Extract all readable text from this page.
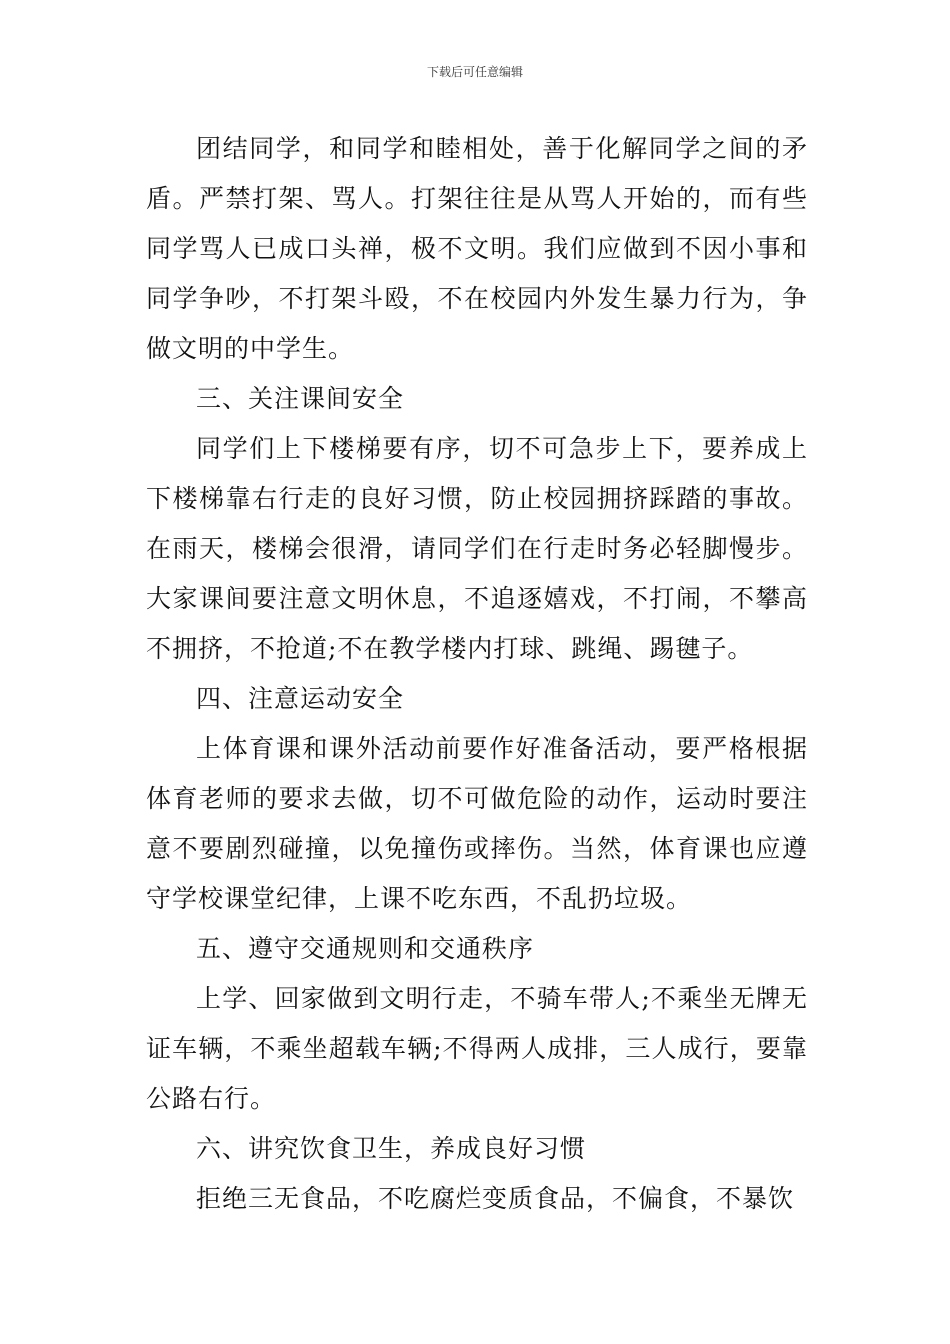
下载后可任意编辑

团结同学，和同学和睦相处，善于化解同学之间的矛盾。严禁打架、骂人。打架往往是从骂人开始的，而有些同学骂人已成口头禅，极不文明。我们应做到不因小事和同学争吵，不打架斗殴，不在校园内外发生暴力行为，争做文明的中学生。

三、关注课间安全

同学们上下楼梯要有序，切不可急步上下，要养成上下楼梯靠右行走的良好习惯，防止校园拥挤踩踏的事故。在雨天，楼梯会很滑，请同学们在行走时务必轻脚慢步。大家课间要注意文明休息，不追逐嬉戏，不打闹，不攀高不拥挤，不抢道;不在教学楼内打球、跳绳、踢毽子。

四、注意运动安全

上体育课和课外活动前要作好准备活动，要严格根据体育老师的要求去做，切不可做危险的动作，运动时要注意不要剧烈碰撞，以免撞伤或摔伤。当然，体育课也应遵守学校课堂纪律，上课不吃东西，不乱扔垃圾。

五、遵守交通规则和交通秩序

上学、回家做到文明行走，不骑车带人;不乘坐无牌无证车辆，不乘坐超载车辆;不得两人成排，三人成行，要靠公路右行。

六、讲究饮食卫生，养成良好习惯

拒绝三无食品，不吃腐烂变质食品，不偏食，不暴饮
